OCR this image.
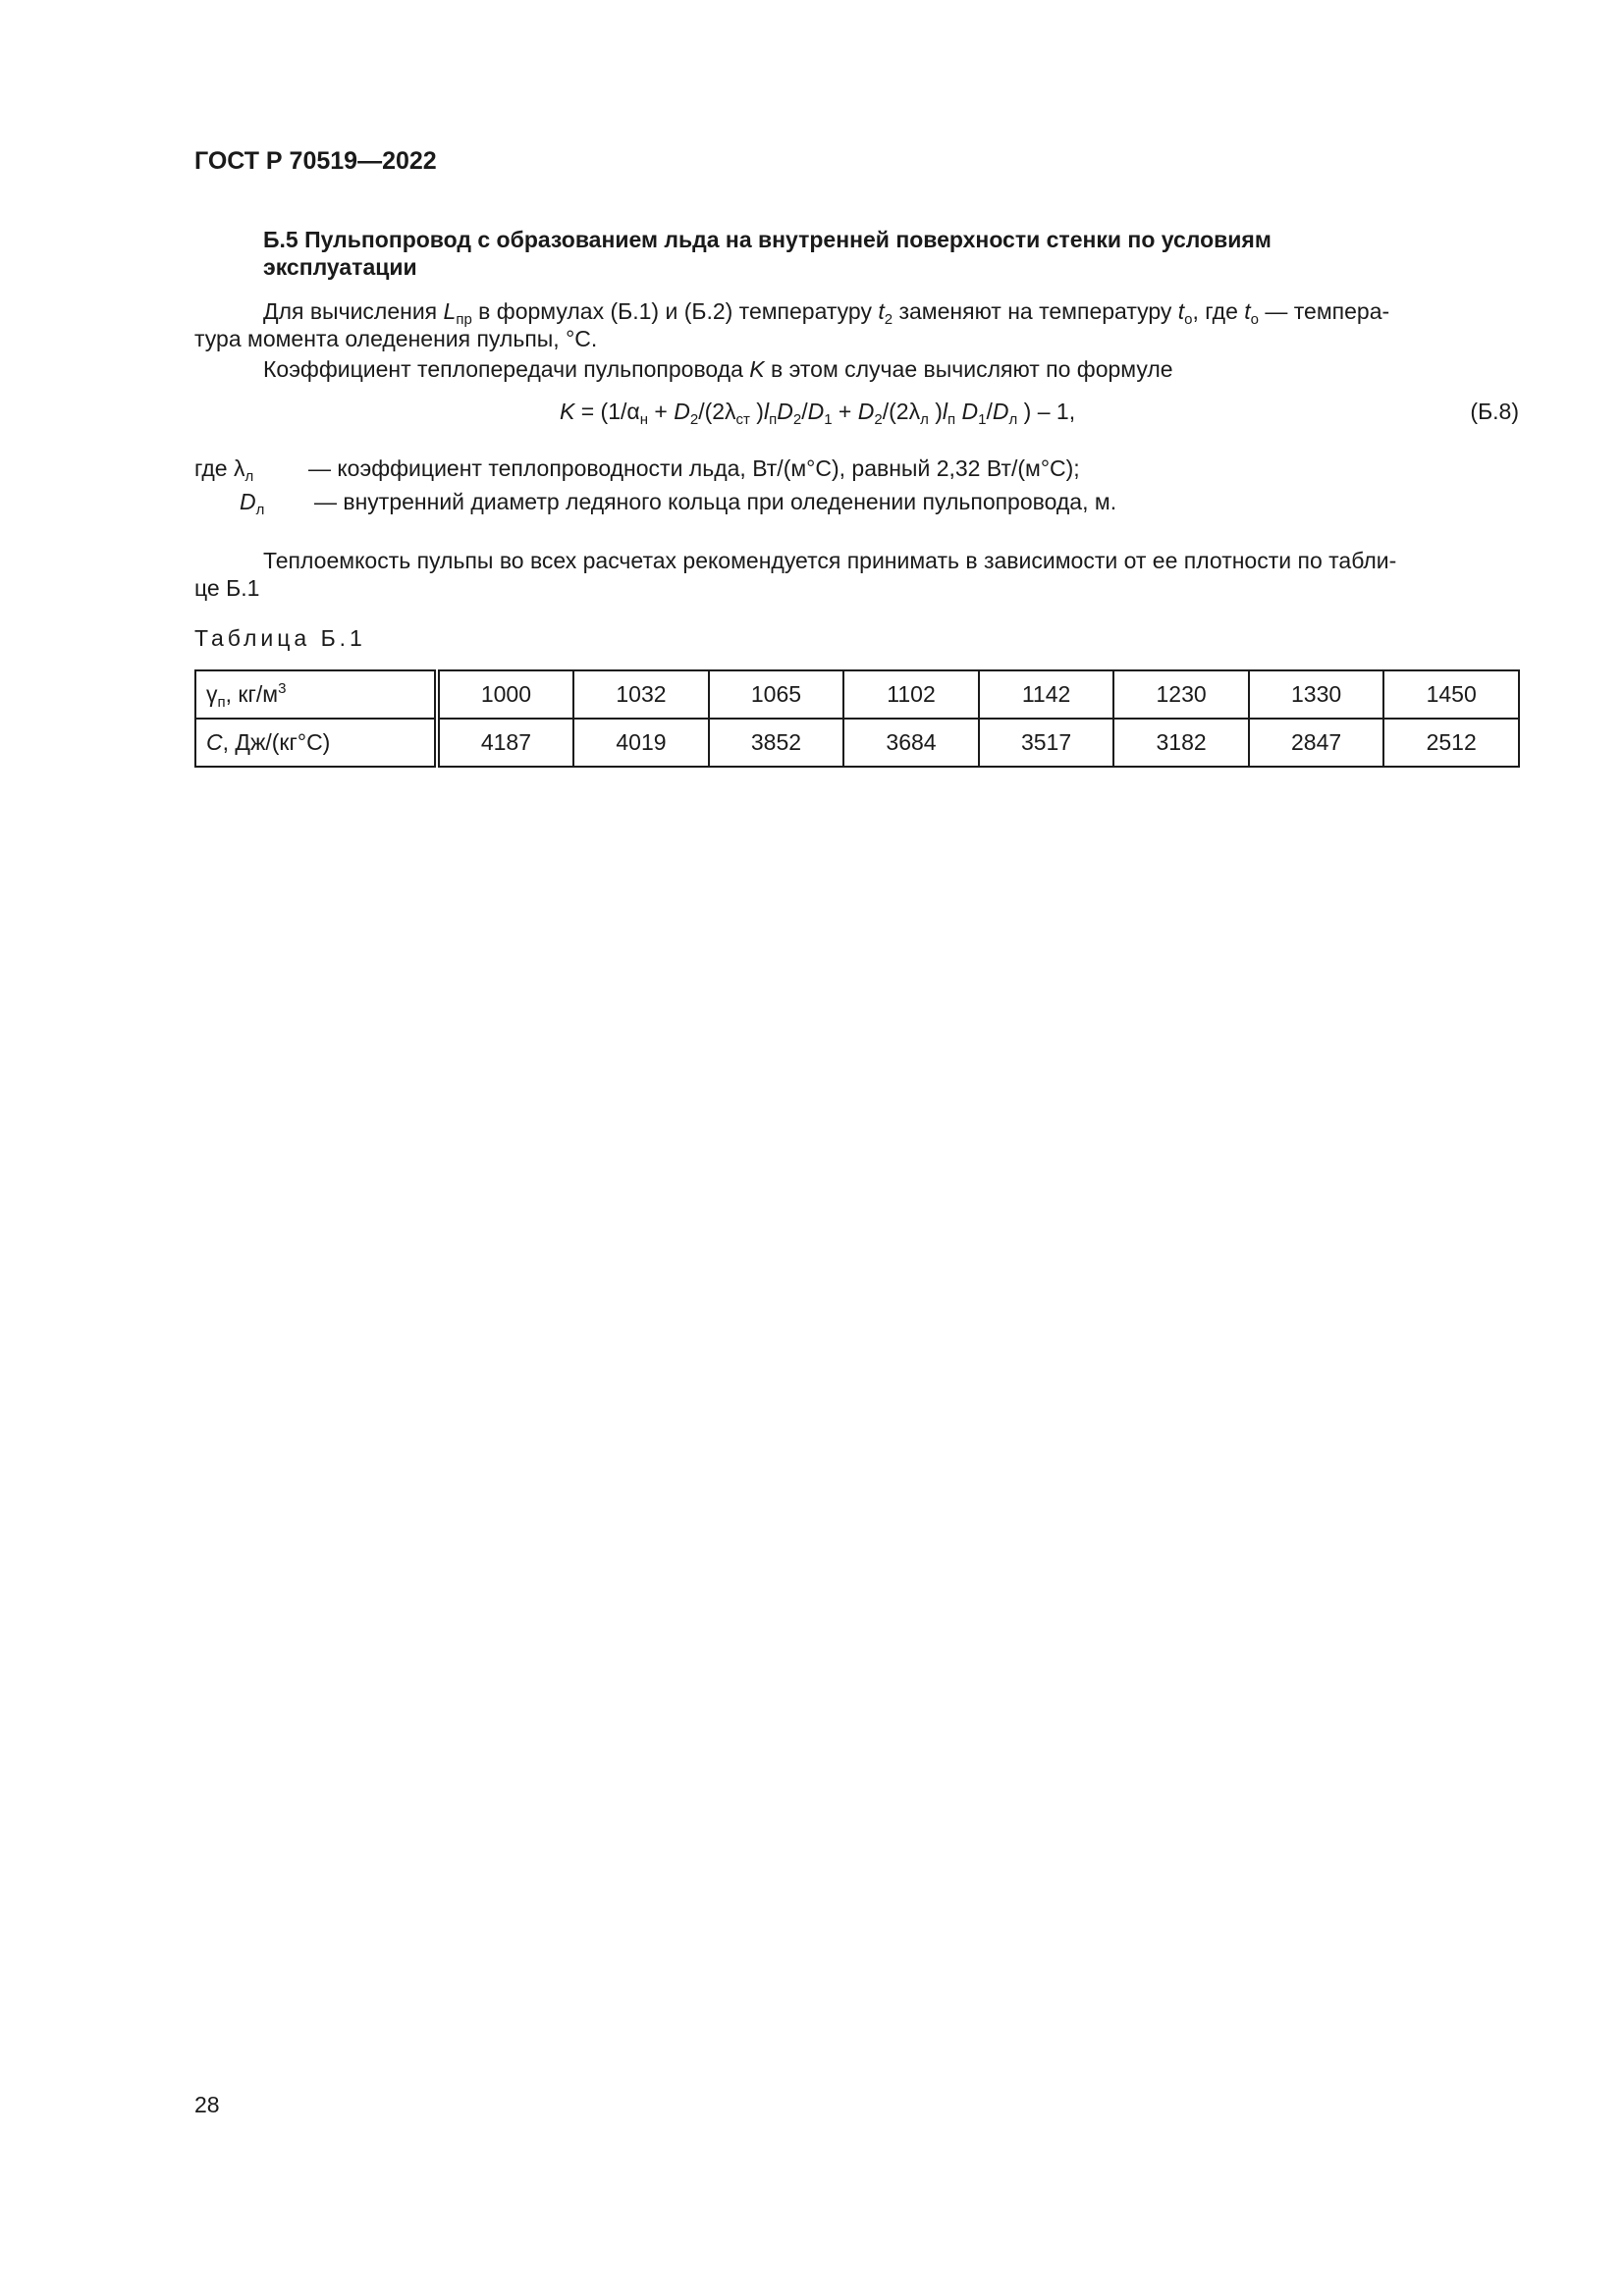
ГОСТ Р 70519—2022
Б.5 Пульпопровод с образованием льда на внутренней поверхности стенки по условиям
эксплуатации
Для вычисления $L_{пр}$ в формулах (Б.1) и (Б.2) температуру $t_2$ заменяют на температуру $t_o$, где $t_o$ — темпера-
тура момента оледенения пульпы, °C.
Коэффициент теплопередачи пульпопровода K в этом случае вычисляют по формуле
$K = (1/\alpha_н + D_2/(2\lambda_{ст}$ )$l_пD_2/D_1 + D_2/(2\lambda_л$ )$l_п$ $D_1/D_л$ ) – 1,	(Б.8)
где $\lambda_л$ — коэффициент теплопроводности льда, Вт/(м°С), равный 2,32 Вт/(м°С);
$D_л$ — внутренний диаметр ледяного кольца при оледенении пульпопровода, м.
Теплоемкость пульпы во всех расчетах рекомендуется принимать в зависимости от ее плотности по табли-
це Б.1
Таблица Б.1
$\gamma_п$, $кг/м^3$	1000	1032	1065	1102	1142	1230	1330	1450
C, Дж/(кг°С)	4187	4019	3852	3684	3517	3182	2847	2512
28
